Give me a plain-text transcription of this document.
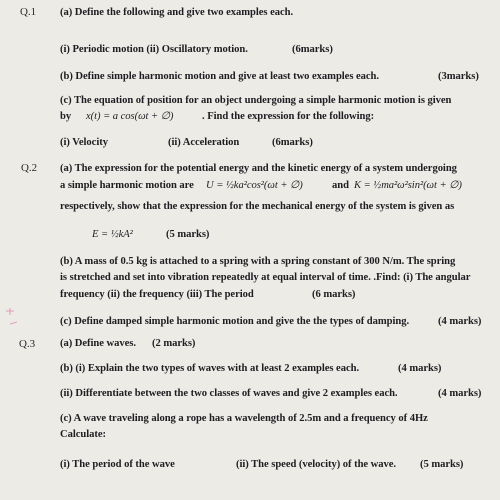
Q.1 (a) Define the following and give two examples each.
(i) Periodic motion (ii) Oscillatory motion.	(6marks)
(b) Define simple harmonic motion and give at least two examples each.	(3marks)
(c) The equation of position for an object undergoing a simple harmonic motion is given
by x(t) = a cos(ωt + ∅)	. Find the expression for the following:
(i) Velocity	(ii) Acceleration	(6marks)
Q.2 (a) The expression for the potential energy and the kinetic energy of a system undergoing
a simple harmonic motion are U = ½ka²cos²(ωt + ∅)	and K = ½ma²ω²sin²(ωt + ∅)
respectively, show that the expression for the mechanical energy of the system is given as
E = ½kA²	(5 marks)
(b) A mass of 0.5 kg is attached to a spring with a spring constant of 300 N/m. The spring
is stretched and set into vibration repeatedly at equal interval of time. .Find: (i) The angular
frequency (ii) the frequency (iii) The period	(6 marks)
(c) Define damped simple harmonic motion and give the the types of damping.	(4 marks)
Q.3 (a) Define waves. (2 marks)
(b) (i) Explain the two types of waves with at least 2 examples each.	(4 marks)
(ii) Differentiate between the two classes of waves and give 2 examples each.	(4 marks)
(c) A wave traveling along a rope has a wavelength of 2.5m and a frequency of 4Hz
Calculate:
(i) The period of the wave	(ii) The speed (velocity) of the wave. (5 marks)
